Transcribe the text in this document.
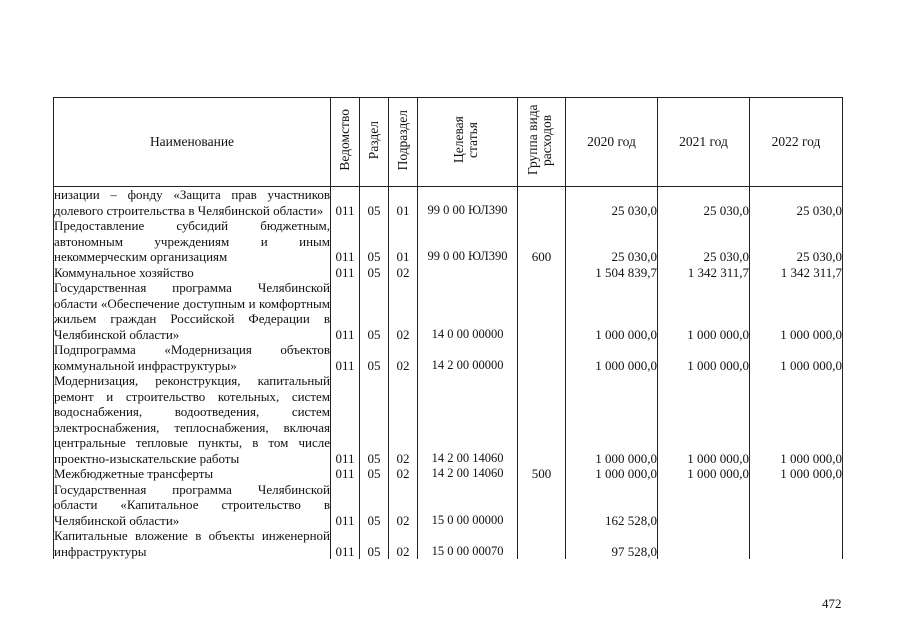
Наименование	Ведомство	Раздел	Подраздел	Целевая статья	Группа вида расходов	2020 год	2021 год	2022 год
низации – фонду «Защита прав участников долевого строительства в Челябинской области»	011	05	01	99 0 00 ЮЛ390		25 030,0	25 030,0	25 030,0
Предоставление субсидий бюджетным, автономным учреждениям и иным некоммерческим организациям	011	05	01	99 0 00 ЮЛ390	600	25 030,0	25 030,0	25 030,0
Коммунальное хозяйство	011	05	02			1 504 839,7	1 342 311,7	1 342 311,7
Государственная программа Челябинской области «Обеспечение доступным и комфортным жильем граждан Российской Федерации в Челябинской области»	011	05	02	14 0 00 00000		1 000 000,0	1 000 000,0	1 000 000,0
Подпрограмма «Модернизация объектов коммунальной инфраструктуры»	011	05	02	14 2 00 00000		1 000 000,0	1 000 000,0	1 000 000,0
Модернизация, реконструкция, капитальный ремонт и строительство котельных, систем водоснабжения, водоотведения, систем электроснабжения, теплоснабжения, включая центральные тепловые пункты, в том числе проектно-изыскательские работы	011	05	02	14 2 00 14060		1 000 000,0	1 000 000,0	1 000 000,0
Межбюджетные трансферты	011	05	02	14 2 00 14060	500	1 000 000,0	1 000 000,0	1 000 000,0
Государственная программа Челябинской области «Капитальное строительство в Челябинской области»	011	05	02	15 0 00 00000		162 528,0		
Капитальные вложение в объекты инженерной инфраструктуры	011	05	02	15 0 00 00070		97 528,0		
472
